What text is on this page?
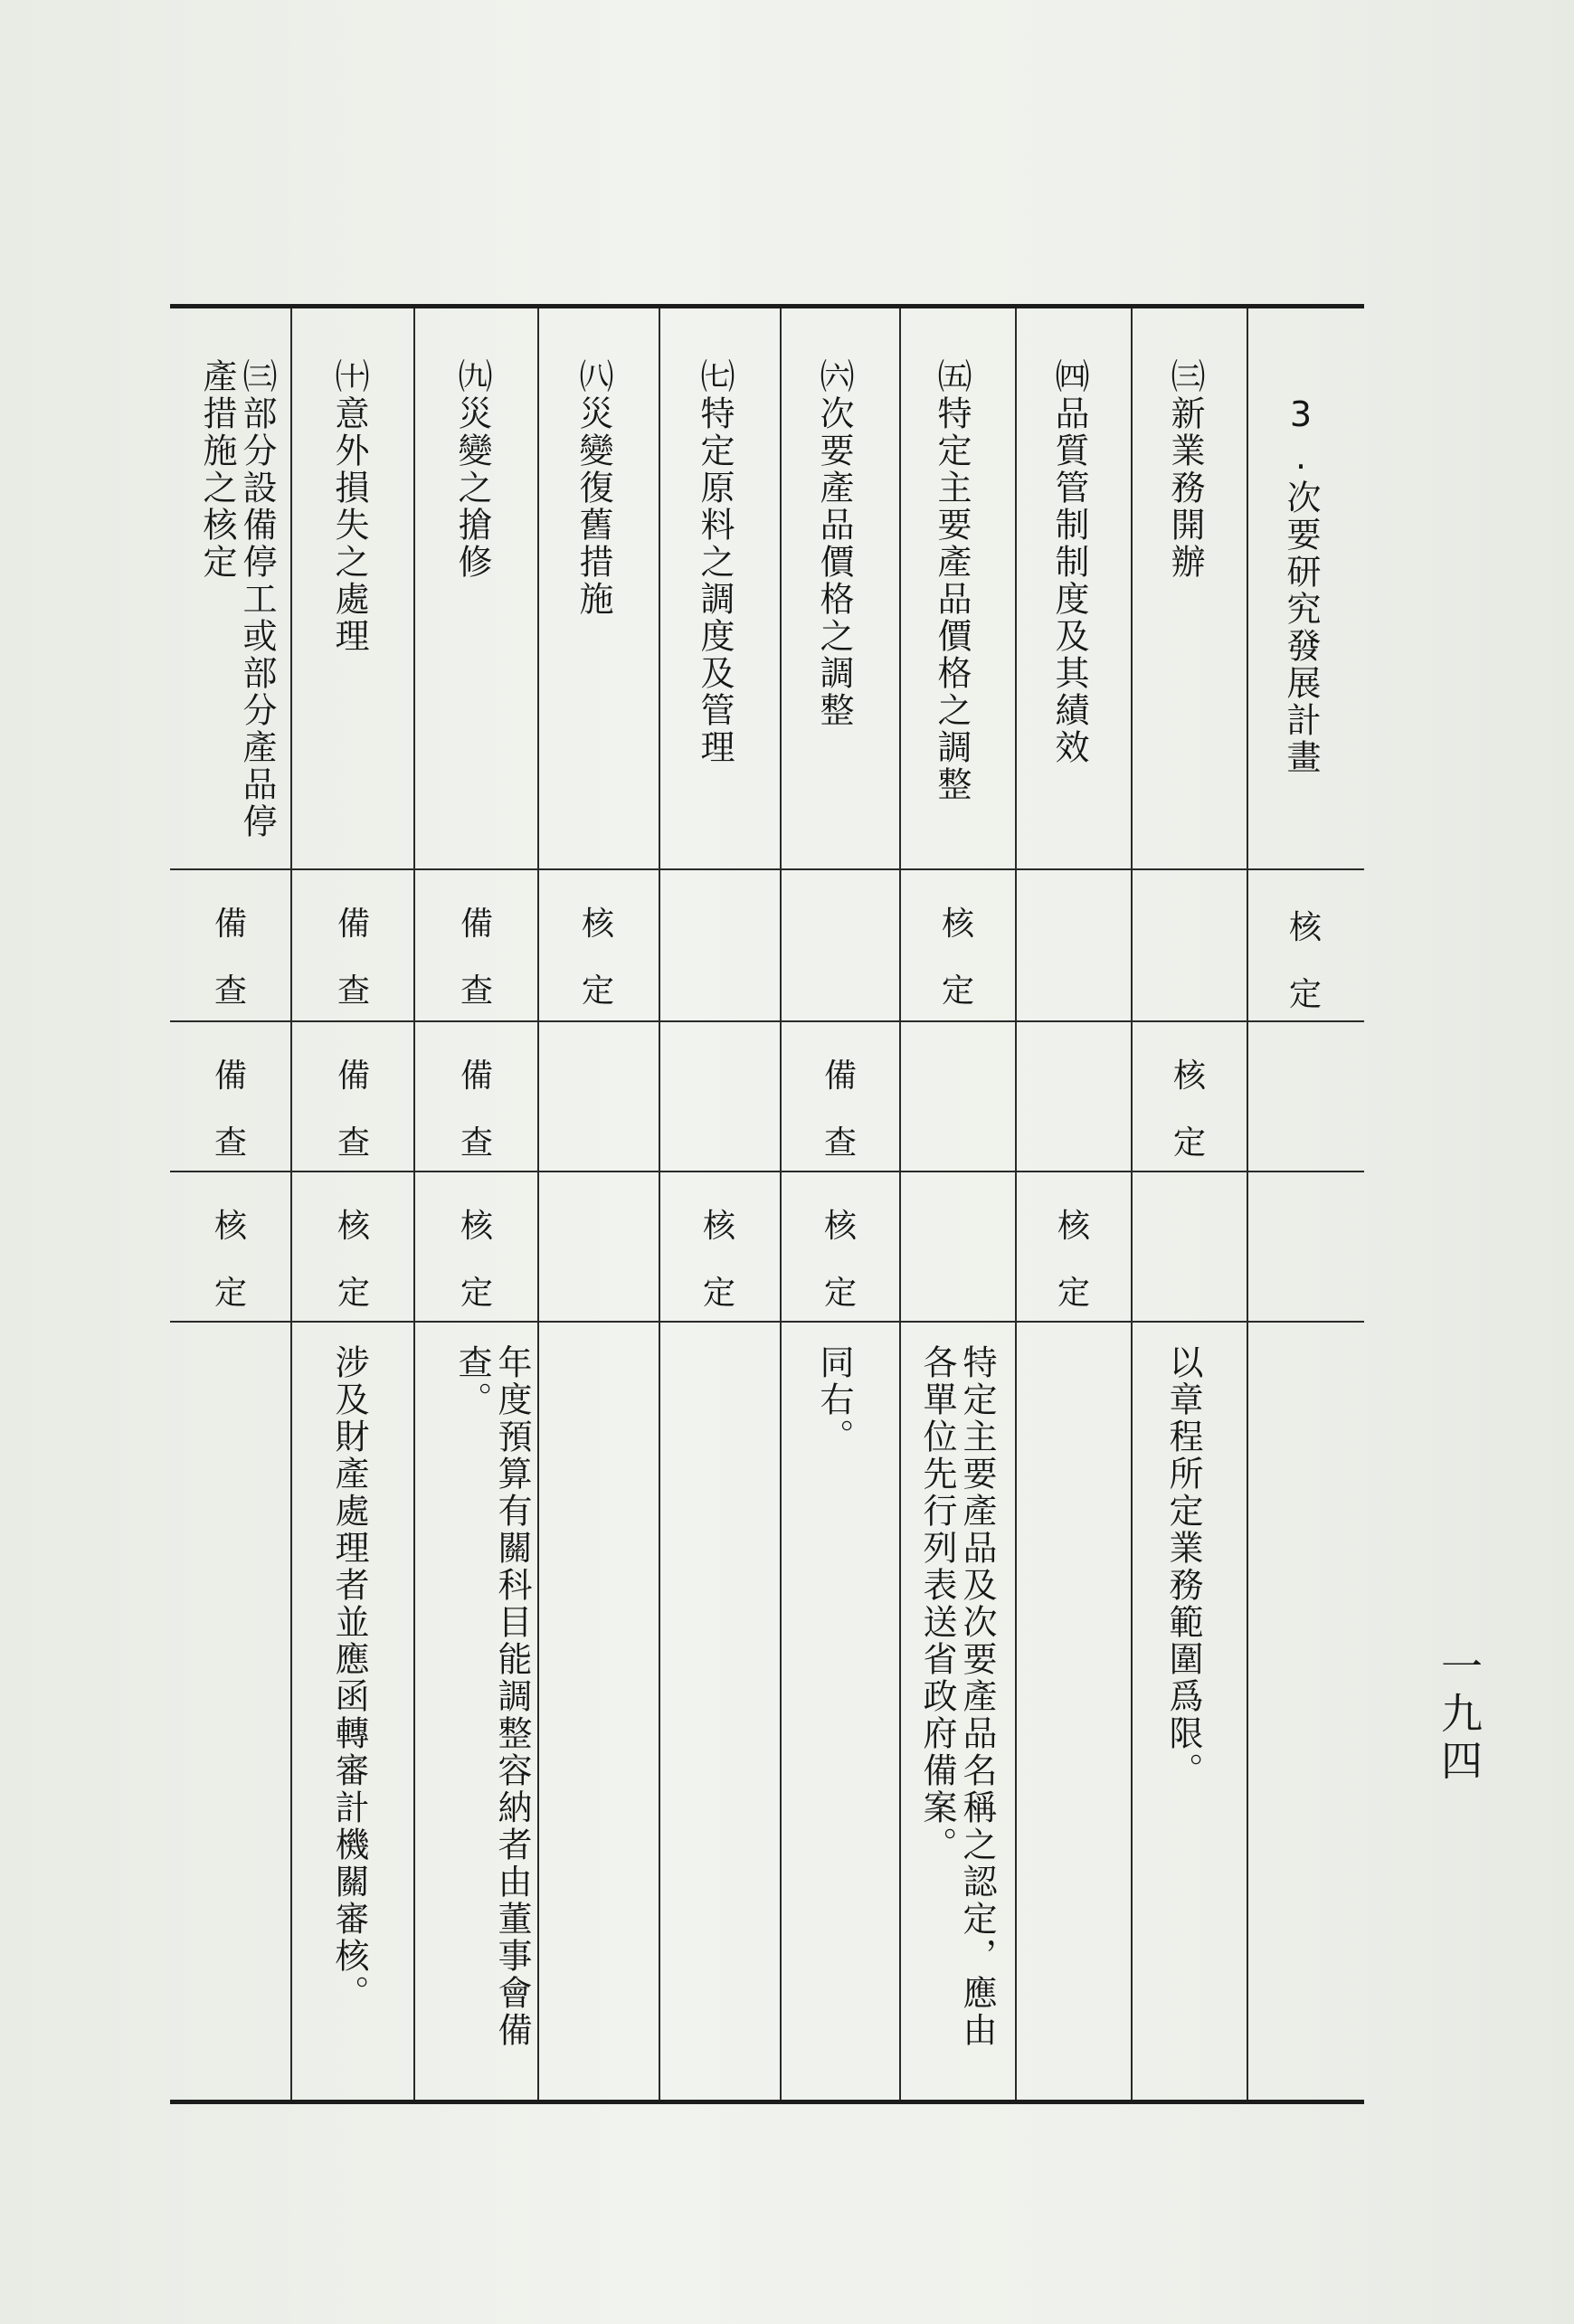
3.次要研究發展計畫
核
定
㈢新業務開辦
核
定
以章程所定業務範圍爲限。
㈣品質管制制度及其績效
核
定
㈤特定主要產品價格之調整
核
定
特定主要產品及次要產品名稱之認定，應由各單位先行列表送省政府備案。
㈥次要產品價格之調整
備
查
核
定
同右。
㈦特定原料之調度及管理
核
定
㈧災變復舊措施
核
定
㈨災變之搶修
備
查
備
查
核
定
年度預算有關科目能調整容納者由董事會備查。
㈩意外損失之處理
備
查
備
查
核
定
涉及財產處理者並應函轉審計機關審核。
㈢部分設備停工或部分產品停產措施之核定
備
查
備
查
核
定
一九四
